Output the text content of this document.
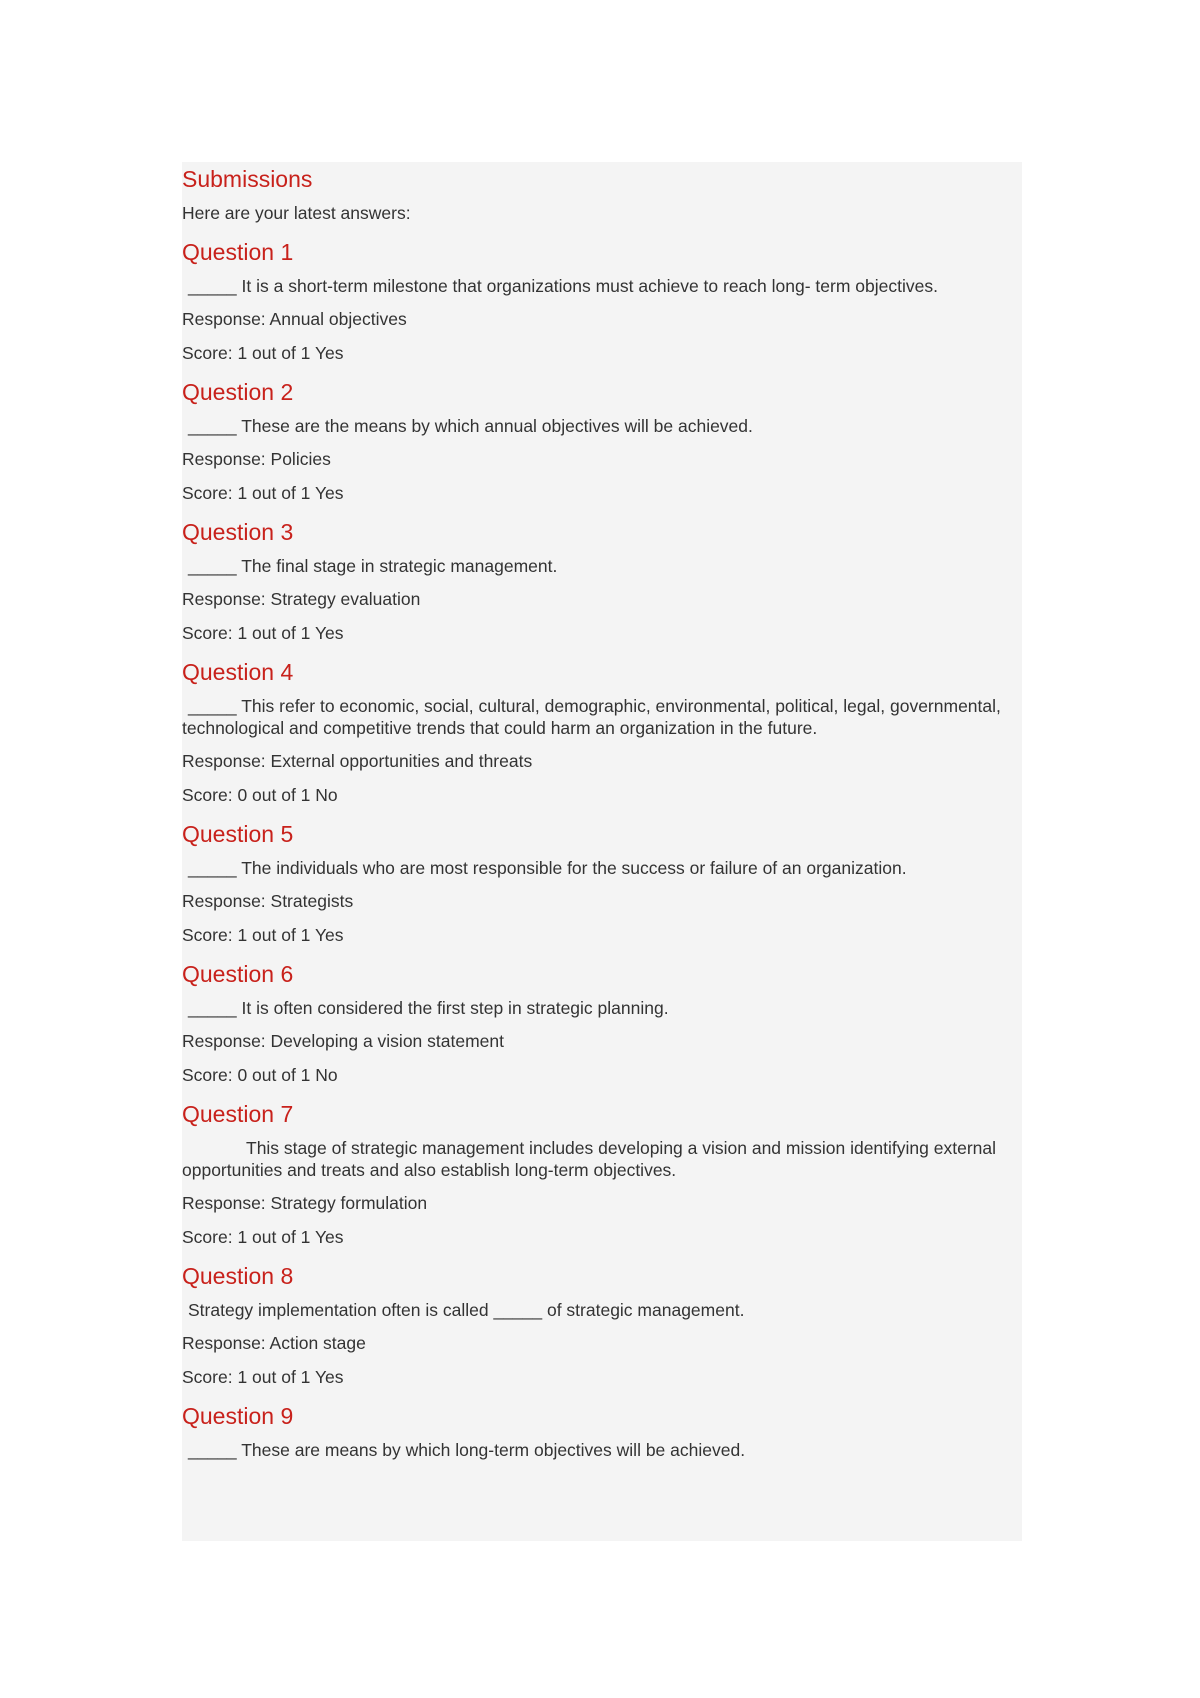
Submissions

Here are your latest answers:

Question 1

_____ It is a short-term milestone that organizations must achieve to reach long- term objectives.

Response: Annual objectives

Score: 1 out of 1 Yes

Question 2

_____ These are the means by which annual objectives will be achieved.

Response: Policies

Score: 1 out of 1 Yes

Question 3

_____ The final stage in strategic management.

Response: Strategy evaluation

Score: 1 out of 1 Yes

Question 4

_____ This refer to economic, social, cultural, demographic, environmental, political, legal, governmental, technological and competitive trends that could harm an organization in the future.

Response: External opportunities and threats

Score: 0 out of 1 No

Question 5

_____ The individuals who are most responsible for the success or failure of an organization.

Response: Strategists

Score: 1 out of 1 Yes

Question 6

_____ It is often considered the first step in strategic planning.

Response: Developing a vision statement

Score: 0 out of 1 No

Question 7

This stage of strategic management includes developing a vision and mission identifying external opportunities and treats and also establish long-term objectives.

Response: Strategy formulation

Score: 1 out of 1 Yes

Question 8

Strategy implementation often is called _____ of strategic management.

Response: Action stage

Score: 1 out of 1 Yes

Question 9

_____ These are means by which long-term objectives will be achieved.
